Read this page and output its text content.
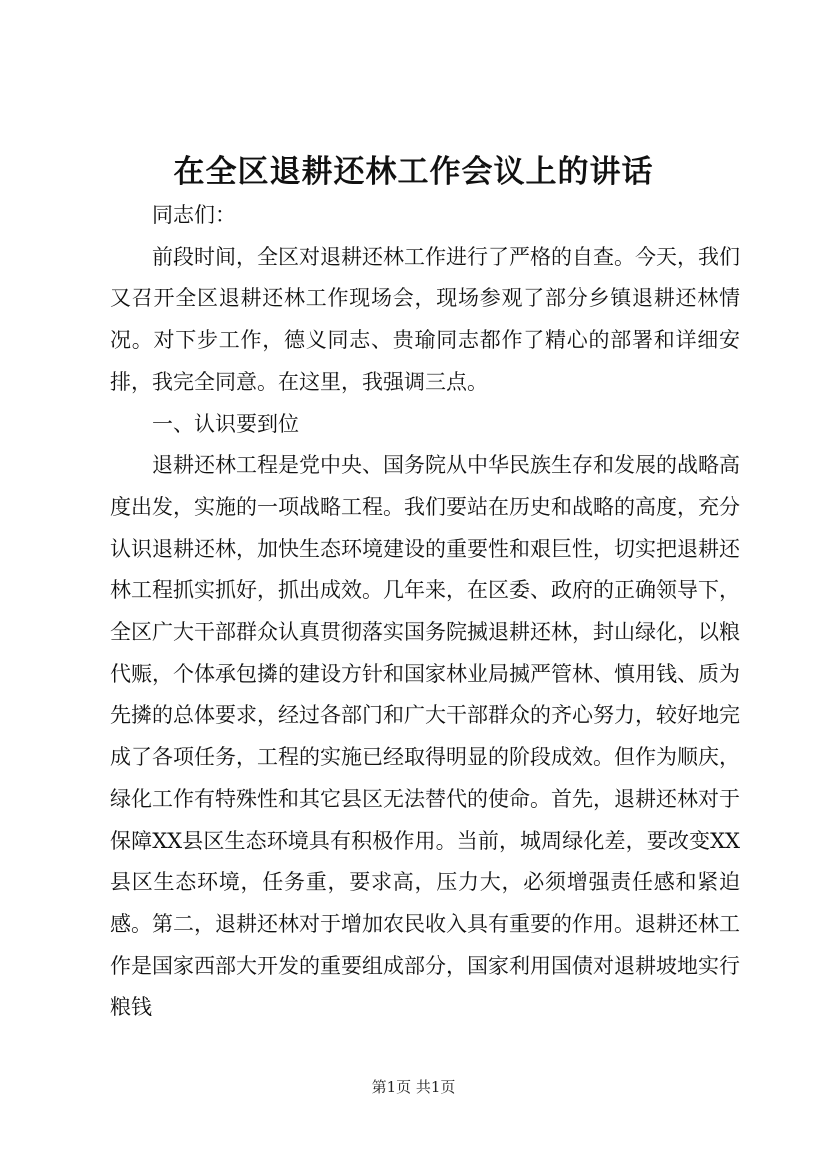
在全区退耕还林工作会议上的讲话

同志们：

前段时间，全区对退耕还林工作进行了严格的自查。今天，我们又召开全区退耕还林工作现场会，现场参观了部分乡镇退耕还林情况。对下步工作，德义同志、贵瑜同志都作了精心的部署和详细安排，我完全同意。在这里，我强调三点。

一、认识要到位

退耕还林工程是党中央、国务院从中华民族生存和发展的战略高度出发，实施的一项战略工程。我们要站在历史和战略的高度，充分认识退耕还林，加快生态环境建设的重要性和艰巨性，切实把退耕还林工程抓实抓好，抓出成效。几年来，在区委、政府的正确领导下，全区广大干部群众认真贯彻落实国务院搣退耕还林，封山绿化，以粮代赈，个体承包撛的建设方针和国家林业局搣严管林、慎用钱、质为先撛的总体要求，经过各部门和广大干部群众的齐心努力，较好地完成了各项任务，工程的实施已经取得明显的阶段成效。但作为顺庆，绿化工作有特殊性和其它县区无法替代的使命。首先，退耕还林对于保障XX县区生态环境具有积极作用。当前，城周绿化差，要改变XX县区生态环境，任务重，要求高，压力大，必须增强责任感和紧迫感。第二，退耕还林对于增加农民收入具有重要的作用。退耕还林工作是国家西部大开发的重要组成部分，国家利用国债对退耕坡地实行粮钱

第1页 共1页
